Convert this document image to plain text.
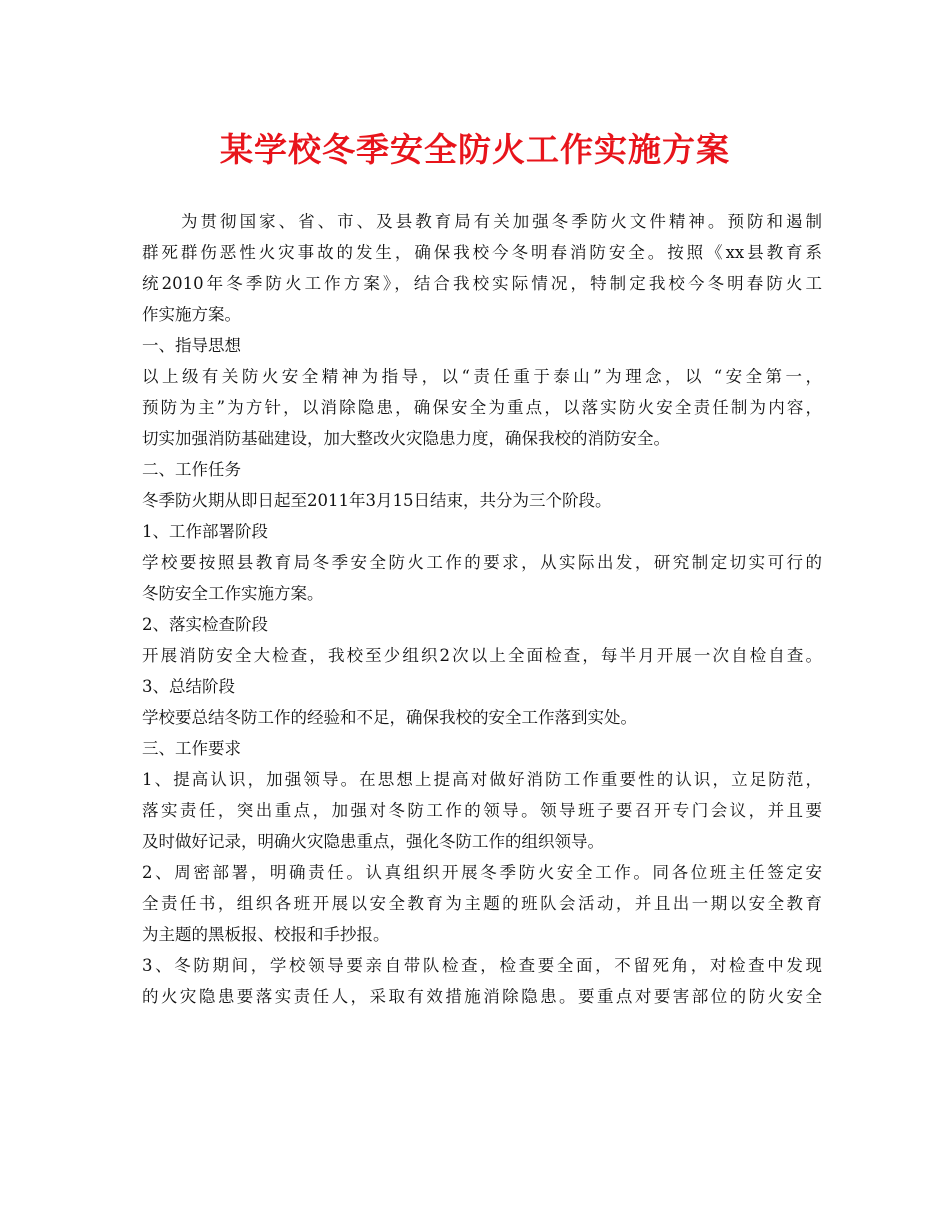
某学校冬季安全防火工作实施方案
　　为贯彻国家、省、市、及县教育局有关加强冬季防火文件精神。预防和遏制
群死群伤恶性火灾事故的发生，确保我校今冬明春消防安全。按照《xx县教育系
统2010年冬季防火工作方案》，结合我校实际情况，特制定我校今冬明春防火工
作实施方案。
一、指导思想
以上级有关防火安全精神为指导，以“责任重于泰山”为理念，以 “安全第一，
预防为主”为方针，以消除隐患，确保安全为重点，以落实防火安全责任制为内容，
切实加强消防基础建设，加大整改火灾隐患力度，确保我校的消防安全。
二、工作任务
冬季防火期从即日起至2011年3月15日结束，共分为三个阶段。
1、工作部署阶段
学校要按照县教育局冬季安全防火工作的要求，从实际出发，研究制定切实可行的
冬防安全工作实施方案。
2、落实检查阶段
开展消防安全大检查，我校至少组织2次以上全面检查，每半月开展一次自检自查。
3、总结阶段
学校要总结冬防工作的经验和不足，确保我校的安全工作落到实处。
三、工作要求
1、提高认识，加强领导。在思想上提高对做好消防工作重要性的认识，立足防范，
落实责任，突出重点，加强对冬防工作的领导。领导班子要召开专门会议，并且要
及时做好记录，明确火灾隐患重点，强化冬防工作的组织领导。
2、周密部署，明确责任。认真组织开展冬季防火安全工作。同各位班主任签定安
全责任书，组织各班开展以安全教育为主题的班队会活动，并且出一期以安全教育
为主题的黑板报、校报和手抄报。
3、冬防期间，学校领导要亲自带队检查，检查要全面，不留死角，对检查中发现
的火灾隐患要落实责任人，采取有效措施消除隐患。要重点对要害部位的防火安全
